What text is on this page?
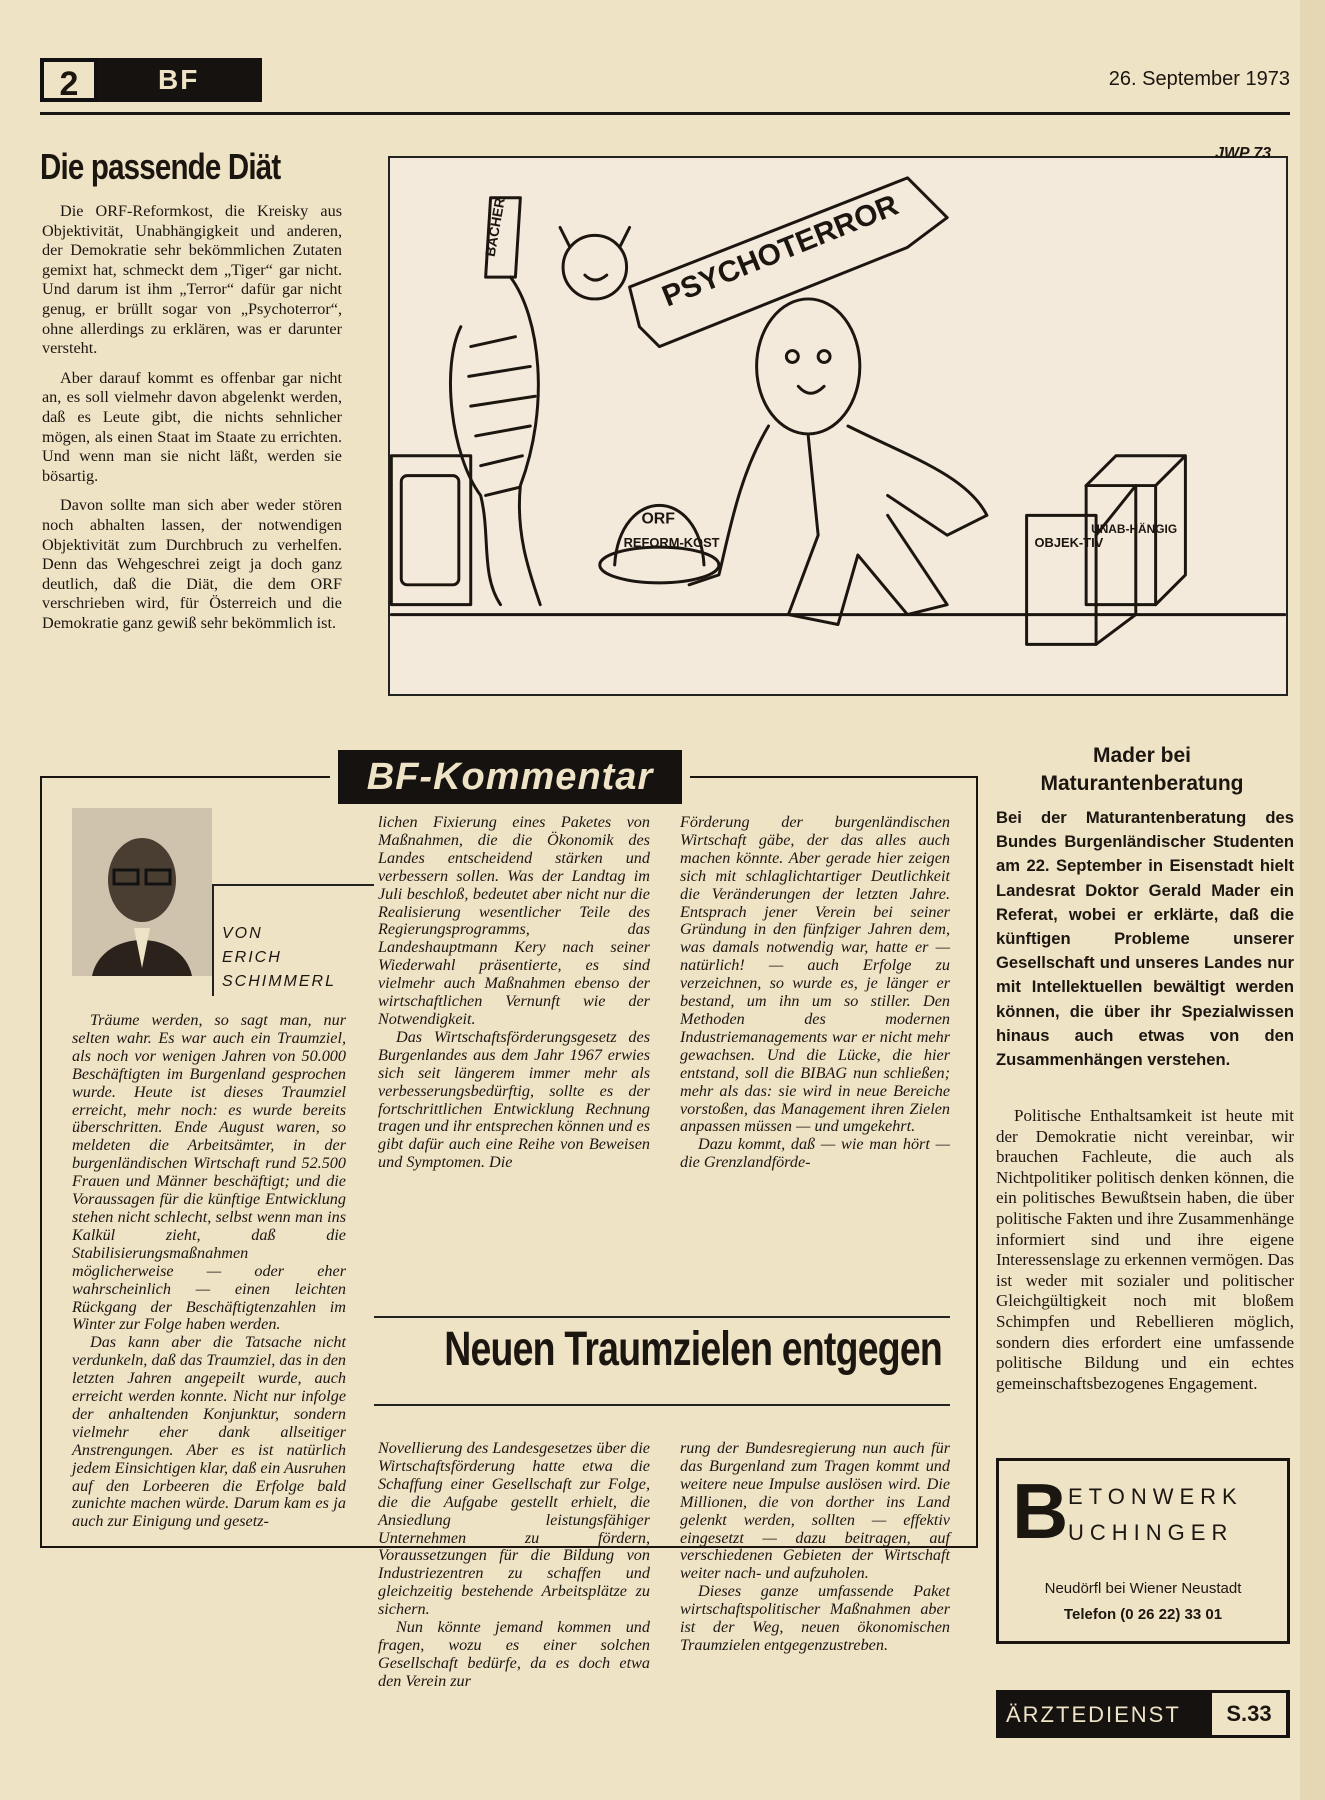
2	BF	26. September 1973
Die passende Diät

Die ORF-Reformkost, die Kreisky aus Objektivität, Unabhängigkeit und anderen, der Demokratie sehr bekömmlichen Zutaten gemixt hat, schmeckt dem „Tiger“ gar nicht. Und darum ist ihm „Terror“ dafür gar nicht genug, er brüllt sogar von „Psychoterror“, ohne allerdings zu erklären, was er darunter versteht.

Aber darauf kommt es offenbar gar nicht an, es soll vielmehr davon abgelenkt werden, daß es Leute gibt, die nichts sehnlicher mögen, als einen Staat im Staate zu errichten. Und wenn man sie nicht läßt, werden sie bösartig.

Davon sollte man sich aber weder stören noch abhalten lassen, der notwendigen Objektivität zum Durchbruch zu verhelfen. Denn das Wehgeschrei zeigt ja doch ganz deutlich, daß die Diät, die dem ORF verschrieben wird, für Österreich und die Demokratie ganz gewiß sehr bekömmlich ist.

PSYCHOTERROR
BACHER
ORF
REFORM-KOST	OBJEK-TIV
UNAB-HÄNGIG
JWP 73
BF-Kommentar
VON
ERICH
SCHIMMERL

Träume werden, so sagt man, nur selten wahr. Es war auch ein Traumziel, als noch vor wenigen Jahren von 50.000 Beschäftigten im Burgenland gesprochen wurde. Heute ist dieses Traumziel erreicht, mehr noch: es wurde bereits überschritten. Ende August waren, so meldeten die Arbeitsämter, in der burgenländischen Wirtschaft rund 52.500 Frauen und Männer beschäftigt; und die Voraussagen für die künftige Entwicklung stehen nicht schlecht, selbst wenn man ins Kalkül zieht, daß die Stabilisierungsmaßnahmen möglicherweise — oder eher wahrscheinlich — einen leichten Rückgang der Beschäftigtenzahlen im Winter zur Folge haben werden.

Das kann aber die Tatsache nicht verdunkeln, daß das Traumziel, das in den letzten Jahren angepeilt wurde, auch erreicht werden konnte. Nicht nur infolge der anhaltenden Konjunktur, sondern vielmehr eher dank allseitiger Anstrengungen. Aber es ist natürlich jedem Einsichtigen klar, daß ein Ausruhen auf den Lorbeeren die Erfolge bald zunichte machen würde. Darum kam es ja auch zur Einigung und gesetz-

lichen Fixierung eines Paketes von Maßnahmen, die die Ökonomik des Landes entscheidend stärken und verbessern sollen. Was der Landtag im Juli beschloß, bedeutet aber nicht nur die Realisierung wesentlicher Teile des Regierungsprogramms, das Landeshauptmann Kery nach seiner Wiederwahl präsentierte, es sind vielmehr auch Maßnahmen ebenso der wirtschaftlichen Vernunft wie der Notwendigkeit.

Das Wirtschaftsförderungsgesetz des Burgenlandes aus dem Jahr 1967 erwies sich seit längerem immer mehr als verbesserungsbedürftig, sollte es der fortschrittlichen Entwicklung Rechnung tragen und ihr entsprechen können und es gibt dafür auch eine Reihe von Beweisen und Symptomen. Die

Förderung der burgenländischen Wirtschaft gäbe, der das alles auch machen könnte. Aber gerade hier zeigen sich mit schlaglichtartiger Deutlichkeit die Veränderungen der letzten Jahre. Entsprach jener Verein bei seiner Gründung in den fünfziger Jahren dem, was damals notwendig war, hatte er — natürlich! — auch Erfolge zu verzeichnen, so wurde es, je länger er bestand, um ihn um so stiller. Den Methoden des modernen Industriemanagements war er nicht mehr gewachsen. Und die Lücke, die hier entstand, soll die BIBAG nun schließen; mehr als das: sie wird in neue Bereiche vorstoßen, das Management ihren Zielen anpassen müssen — und umgekehrt.

Dazu kommt, daß — wie man hört — die Grenzlandförde-

Neuen Traumzielen entgegen

Novellierung des Landesgesetzes über die Wirtschaftsförderung hatte etwa die Schaffung einer Gesellschaft zur Folge, die die Aufgabe gestellt erhielt, die Ansiedlung leistungsfähiger Unternehmen zu fördern, Voraussetzungen für die Bildung von Industriezentren zu schaffen und gleichzeitig bestehende Arbeitsplätze zu sichern.

Nun könnte jemand kommen und fragen, wozu es einer solchen Gesellschaft bedürfe, da es doch etwa den Verein zur

rung der Bundesregierung nun auch für das Burgenland zum Tragen kommt und weitere neue Impulse auslösen wird. Die Millionen, die von dorther ins Land gelenkt werden, sollten — effektiv eingesetzt — dazu beitragen, auf verschiedenen Gebieten der Wirtschaft weiter nach- und aufzuholen.

Dieses ganze umfassende Paket wirtschaftspolitischer Maßnahmen aber ist der Weg, neuen ökonomischen Traumzielen entgegenzustreben.

Mader bei Maturantenberatung
Bei der Maturantenberatung des Bundes Burgenländischer Studenten am 22. September in Eisenstadt hielt Landesrat Doktor Gerald Mader ein Referat, wobei er erklärte, daß die künftigen Probleme unserer Gesellschaft und unseres Landes nur mit Intellektuellen bewältigt werden können, die über ihr Spezialwissen hinaus auch etwas von den Zusammenhängen verstehen.

Politische Enthaltsamkeit ist heute mit der Demokratie nicht vereinbar, wir brauchen Fachleute, die auch als Nichtpolitiker politisch denken können, die ein politisches Bewußtsein haben, die über politische Fakten und ihre Zusammenhänge informiert sind und ihre eigene Interessenslage zu erkennen vermögen. Das ist weder mit sozialer und politischer Gleichgültigkeit noch mit bloßem Schimpfen und Rebellieren möglich, sondern dies erfordert eine umfassende politische Bildung und ein echtes gemeinschaftsbezogenes Engagement.

B ETONWERK
UCHINGER
Neudörfl bei Wiener Neustadt
Telefon (0 26 22) 33 01
ÄRZTEDIENST	S.33
